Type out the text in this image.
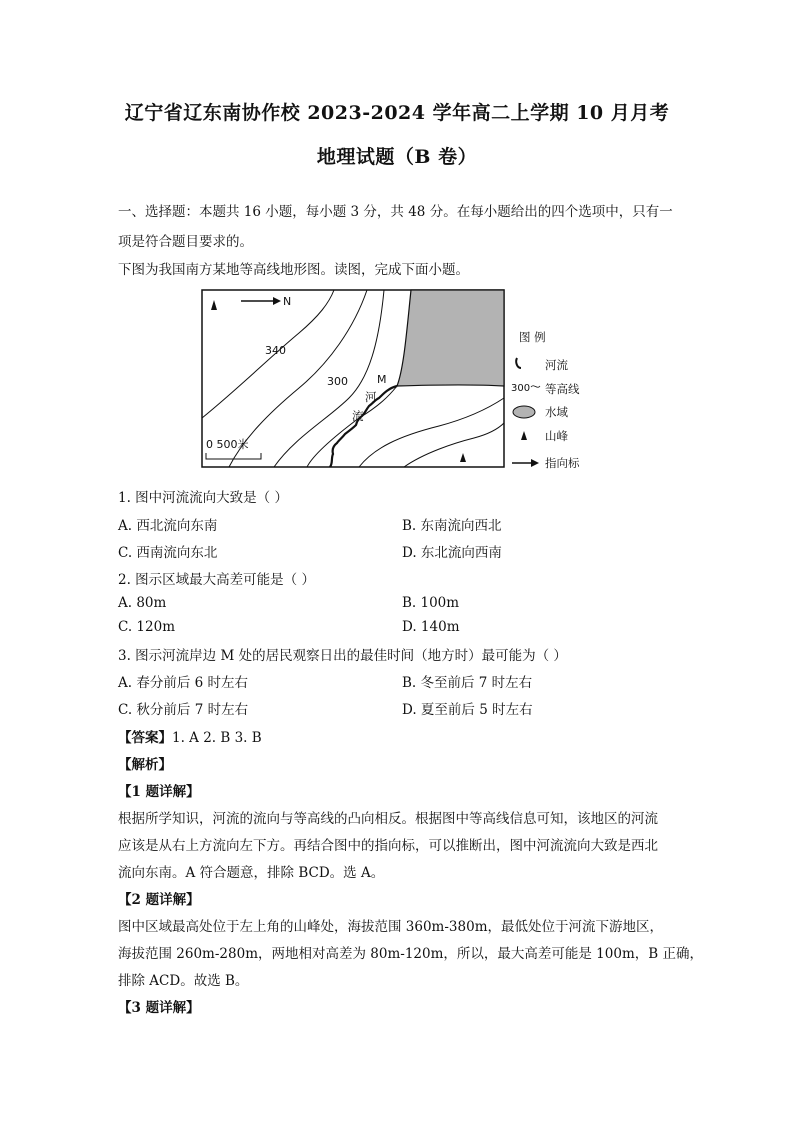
辽宁省辽东南协作校 2023-2024 学年高二上学期 10 月月考
地理试题（B 卷）
一、选择题：本题共 16 小题，每小题 3 分，共 48 分。在每小题给出的四个选项中，只有一
项是符合题目要求的。
下图为我国南方某地等高线地形图。读图，完成下面小题。
340
300	M
河
流
N
0 500米
图 例
河流
300 等高线
水域
山峰
指向标
1. 图中河流流向大致是（ ）
A. 西北流向东南	B. 东南流向西北
C. 西南流向东北	D. 东北流向西南
2. 图示区域最大高差可能是（ ）
A. 80m	B. 100m
C. 120m	D. 140m
3. 图示河流岸边 M 处的居民观察日出的最佳时间（地方时）最可能为（ ）
A. 春分前后 6 时左右	B. 冬至前后 7 时左右
C. 秋分前后 7 时左右	D. 夏至前后 5 时左右
【答案】1. A 2. B 3. B
【解析】
【1 题详解】
根据所学知识，河流的流向与等高线的凸向相反。根据图中等高线信息可知，该地区的河流
应该是从右上方流向左下方。再结合图中的指向标，可以推断出，图中河流流向大致是西北
流向东南。A 符合题意，排除 BCD。选 A。
【2 题详解】
图中区域最高处位于左上角的山峰处，海拔范围 360m-380m，最低处位于河流下游地区，
海拔范围 260m-280m，两地相对高差为 80m-120m，所以，最大高差可能是 100m，B 正确，
排除 ACD。故选 B。
【3 题详解】
